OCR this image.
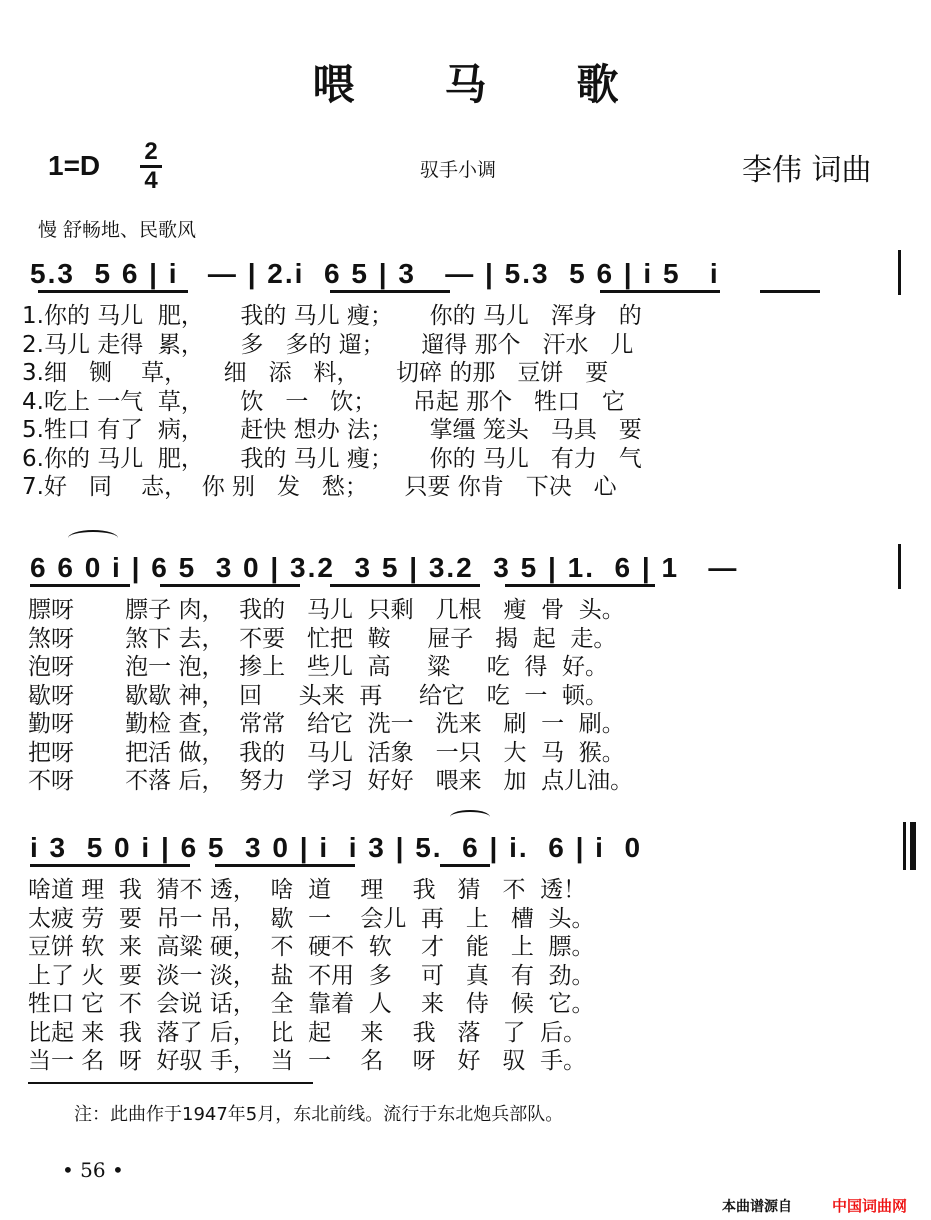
喂马歌
1=D 2
4	驭手小调	李伟 词曲
慢 舒畅地、民歌风
5.3  5 6 | i   — | 2.i  6 5 | 3   — | 5.3  5 6 | i 5   i
1.你的 马儿  肥，     我的 马儿 瘦；     你的 马儿   浑身   的
2.马儿 走得  累，     多   多的 遛；     遛得 那个   汗水   儿
3.细   铡    草，     细   添   料，     切碎 的那   豆饼   要
4.吃上 一气  草，     饮   一   饮；     吊起 那个   牲口   它
5.牲口 有了  病，     赶快 想办 法；     掌缰 笼头   马具   要
6.你的 马儿  肥，     我的 马儿 瘦；     你的 马儿   有力   气
7.好   同    志，  你 别   发   愁；     只要 你肯   下决   心
6 6 0 i | 6 5  3 0 | 3.2  3 5 | 3.2  3 5 | 1.  6 | 1   —
膘呀       膘子 肉，  我的   马儿  只剩   几根   瘦  骨  头。
煞呀       煞下 去，  不要   忙把  鞍     屉子   揭  起  走。
泡呀       泡一 泡，  掺上   些儿  高     粱     吃  得  好。
歇呀       歇歇 神，  回     头来  再     给它   吃  一  顿。
勤呀       勤检 查，  常常   给它  洗一   洗来   刷  一  刷。
把呀       把活 做，  我的   马儿  活象   一只   大  马  猴。
不呀       不落 后，  努力   学习  好好   喂来   加  点儿油。
i 3  5 0 i | 6 5  3 0 | i  i 3 | 5.  6 | i.  6 | i  0
啥道 理  我  猜不 透，  啥  道    理    我   猜   不  透！
太疲 劳  要  吊一 吊，  歇  一    会儿  再   上   槽  头。
豆饼 软  来  高粱 硬，  不  硬不  软    才   能   上  膘。
上了 火  要  淡一 淡，  盐  不用  多    可   真   有  劲。
牲口 它  不  会说 话，  全  靠着  人    来   侍   候  它。
比起 来  我  落了 后，  比  起    来    我   落   了  后。
当一 名  呀  好驭 手，  当  一    名    呀   好   驭  手。
注：此曲作于1947年5月，东北前线。流行于东北炮兵部队。
• 56 •
本曲谱源自	中国词曲网
